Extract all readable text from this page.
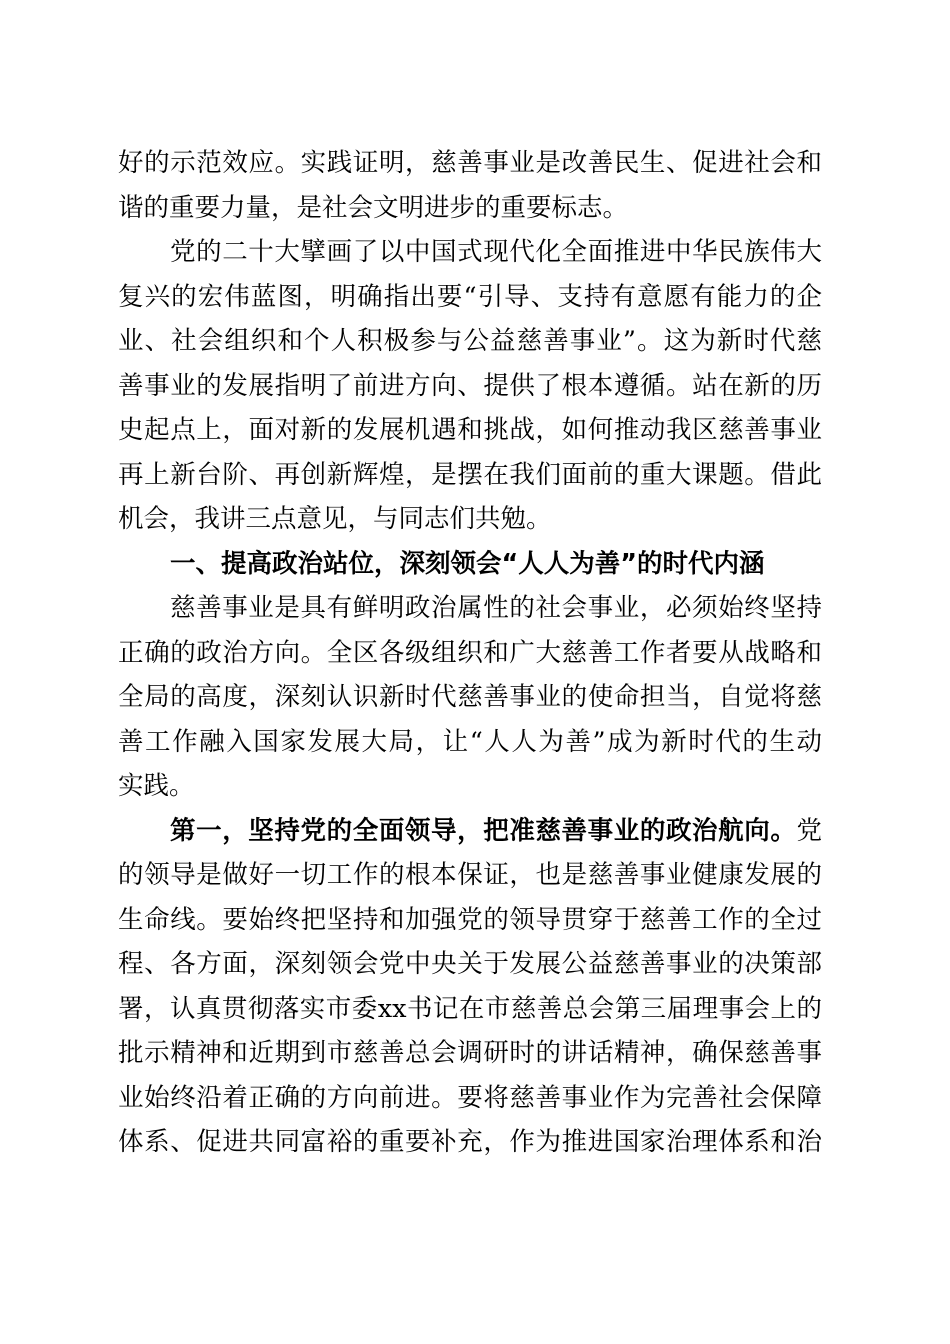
好的示范效应。实践证明，慈善事业是改善民生、促进社会和
谐的重要力量，是社会文明进步的重要标志。
党的二十大擘画了以中国式现代化全面推进中华民族伟大
复兴的宏伟蓝图，明确指出要“引导、支持有意愿有能力的企
业、社会组织和个人积极参与公益慈善事业”。这为新时代慈
善事业的发展指明了前进方向、提供了根本遵循。站在新的历
史起点上，面对新的发展机遇和挑战，如何推动我区慈善事业
再上新台阶、再创新辉煌，是摆在我们面前的重大课题。借此
机会，我讲三点意见，与同志们共勉。
一、提高政治站位，深刻领会“人人为善”的时代内涵
慈善事业是具有鲜明政治属性的社会事业，必须始终坚持
正确的政治方向。全区各级组织和广大慈善工作者要从战略和
全局的高度，深刻认识新时代慈善事业的使命担当，自觉将慈
善工作融入国家发展大局，让“人人为善”成为新时代的生动
实践。
第一，坚持党的全面领导，把准慈善事业的政治航向。党
的领导是做好一切工作的根本保证，也是慈善事业健康发展的
生命线。要始终把坚持和加强党的领导贯穿于慈善工作的全过
程、各方面，深刻领会党中央关于发展公益慈善事业的决策部
署，认真贯彻落实市委xx书记在市慈善总会第三届理事会上的
批示精神和近期到市慈善总会调研时的讲话精神，确保慈善事
业始终沿着正确的方向前进。要将慈善事业作为完善社会保障
体系、促进共同富裕的重要补充，作为推进国家治理体系和治
